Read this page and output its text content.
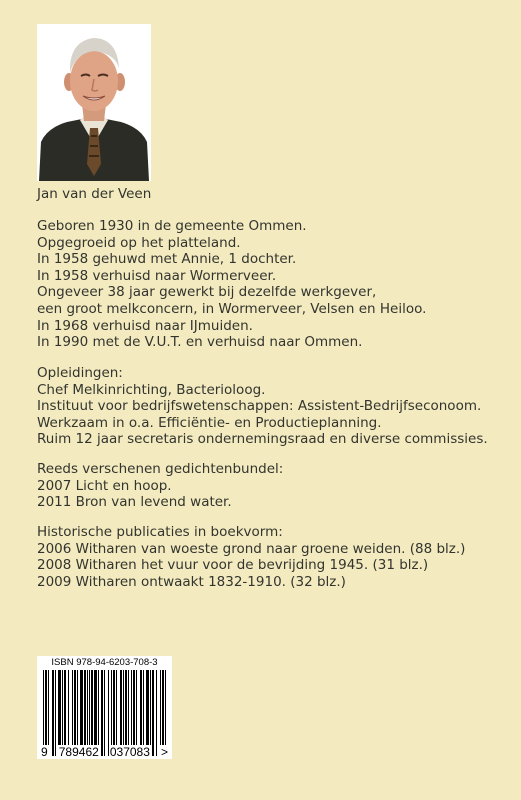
Jan van der Veen
Geboren 1930 in de gemeente Ommen.
Opgegroeid op het platteland.
In 1958 gehuwd met Annie, 1 dochter.
In 1958 verhuisd naar Wormerveer.
Ongeveer 38 jaar gewerkt bij dezelfde werkgever,
een groot melkconcern, in Wormerveer, Velsen en Heiloo.
In 1968 verhuisd naar IJmuiden.
In 1990 met de V.U.T. en verhuisd naar Ommen.
Opleidingen:
Chef Melkinrichting, Bacterioloog.
Instituut voor bedrijfswetenschappen: Assistent-Bedrijfseconoom.
Werkzaam in o.a. Efficiëntie- en Productieplanning.
Ruim 12 jaar secretaris ondernemingsraad en diverse commissies.
Reeds verschenen gedichtenbundel:
2007 Licht en hoop.
2011 Bron van levend water.
Historische publicaties in boekvorm:
2006 Witharen van woeste grond naar groene weiden. (88 blz.)
2008 Witharen het vuur voor de bevrijding 1945. (31 blz.)
2009 Witharen ontwaakt 1832-1910. (32 blz.)
ISBN 978-94-6203-708-3
9 789462 037083 >
